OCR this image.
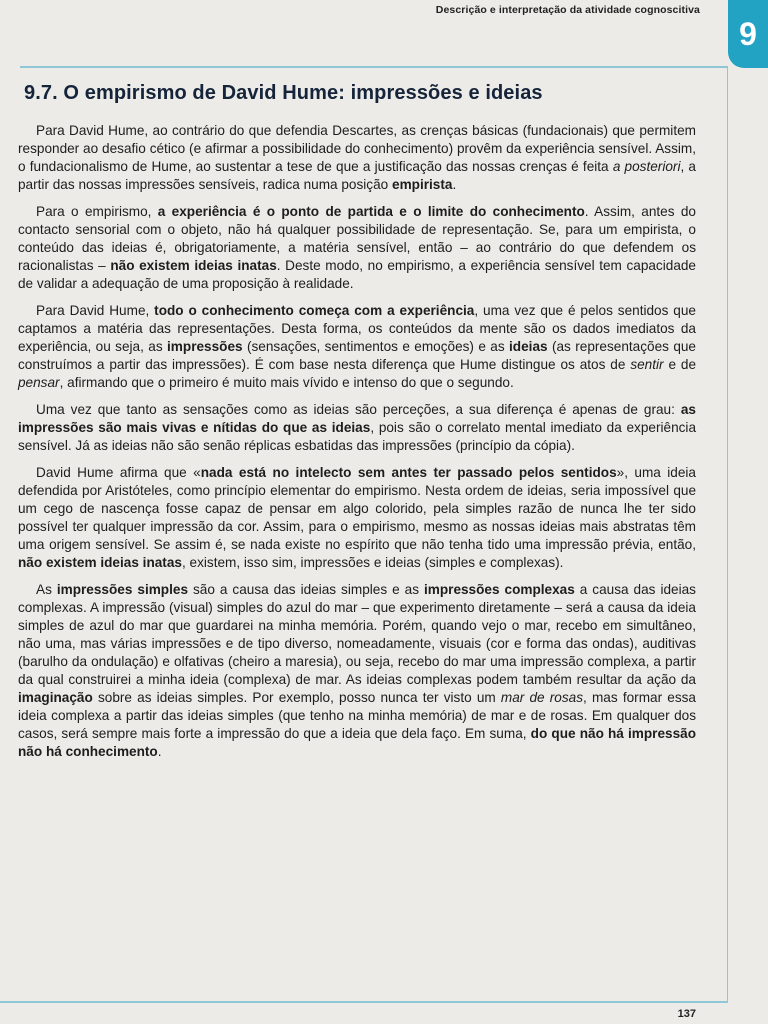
Descrição e interpretação da atividade cognoscitiva
9
9.7. O empirismo de David Hume: impressões e ideias

Para David Hume, ao contrário do que defendia Descartes, as crenças básicas (fundacionais) que permitem responder ao desafio cético (e afirmar a possibilidade do conhecimento) provêm da experiência sensível. Assim, o fundacionalismo de Hume, ao sustentar a tese de que a justificação das nossas crenças é feita a posteriori, a partir das nossas impressões sensíveis, radica numa posição empirista.

Para o empirismo, a experiência é o ponto de partida e o limite do conhecimento. Assim, antes do contacto sensorial com o objeto, não há qualquer possibilidade de representação. Se, para um empirista, o conteúdo das ideias é, obrigatoriamente, a matéria sensível, então – ao contrário do que defendem os racionalistas – não existem ideias inatas. Deste modo, no empirismo, a experiência sensível tem capacidade de validar a adequação de uma proposição à realidade.

Para David Hume, todo o conhecimento começa com a experiência, uma vez que é pelos sentidos que captamos a matéria das representações. Desta forma, os conteúdos da mente são os dados imediatos da experiência, ou seja, as impressões (sensações, sentimentos e emoções) e as ideias (as representações que construímos a partir das impressões). É com base nesta diferença que Hume distingue os atos de sentir e de pensar, afirmando que o primeiro é muito mais vívido e intenso do que o segundo.

Uma vez que tanto as sensações como as ideias são perceções, a sua diferença é apenas de grau: as impressões são mais vivas e nítidas do que as ideias, pois são o correlato mental imediato da experiência sensível. Já as ideias não são senão réplicas esbatidas das impressões (princípio da cópia).

David Hume afirma que «nada está no intelecto sem antes ter passado pelos sentidos», uma ideia defendida por Aristóteles, como princípio elementar do empirismo. Nesta ordem de ideias, seria impossível que um cego de nascença fosse capaz de pensar em algo colorido, pela simples razão de nunca lhe ter sido possível ter qualquer impressão da cor. Assim, para o empirismo, mesmo as nossas ideias mais abstratas têm uma origem sensível. Se assim é, se nada existe no espírito que não tenha tido uma impressão prévia, então, não existem ideias inatas, existem, isso sim, impressões e ideias (simples e complexas).

As impressões simples são a causa das ideias simples e as impressões complexas a causa das ideias complexas. A impressão (visual) simples do azul do mar – que experimento diretamente – será a causa da ideia simples de azul do mar que guardarei na minha memória. Porém, quando vejo o mar, recebo em simultâneo, não uma, mas várias impressões e de tipo diverso, nomeadamente, visuais (cor e forma das ondas), auditivas (barulho da ondulação) e olfativas (cheiro a maresia), ou seja, recebo do mar uma impressão complexa, a partir da qual construirei a minha ideia (complexa) de mar. As ideias complexas podem também resultar da ação da imaginação sobre as ideias simples. Por exemplo, posso nunca ter visto um mar de rosas, mas formar essa ideia complexa a partir das ideias simples (que tenho na minha memória) de mar e de rosas. Em qualquer dos casos, será sempre mais forte a impressão do que a ideia que dela faço. Em suma, do que não há impressão não há conhecimento.

137
